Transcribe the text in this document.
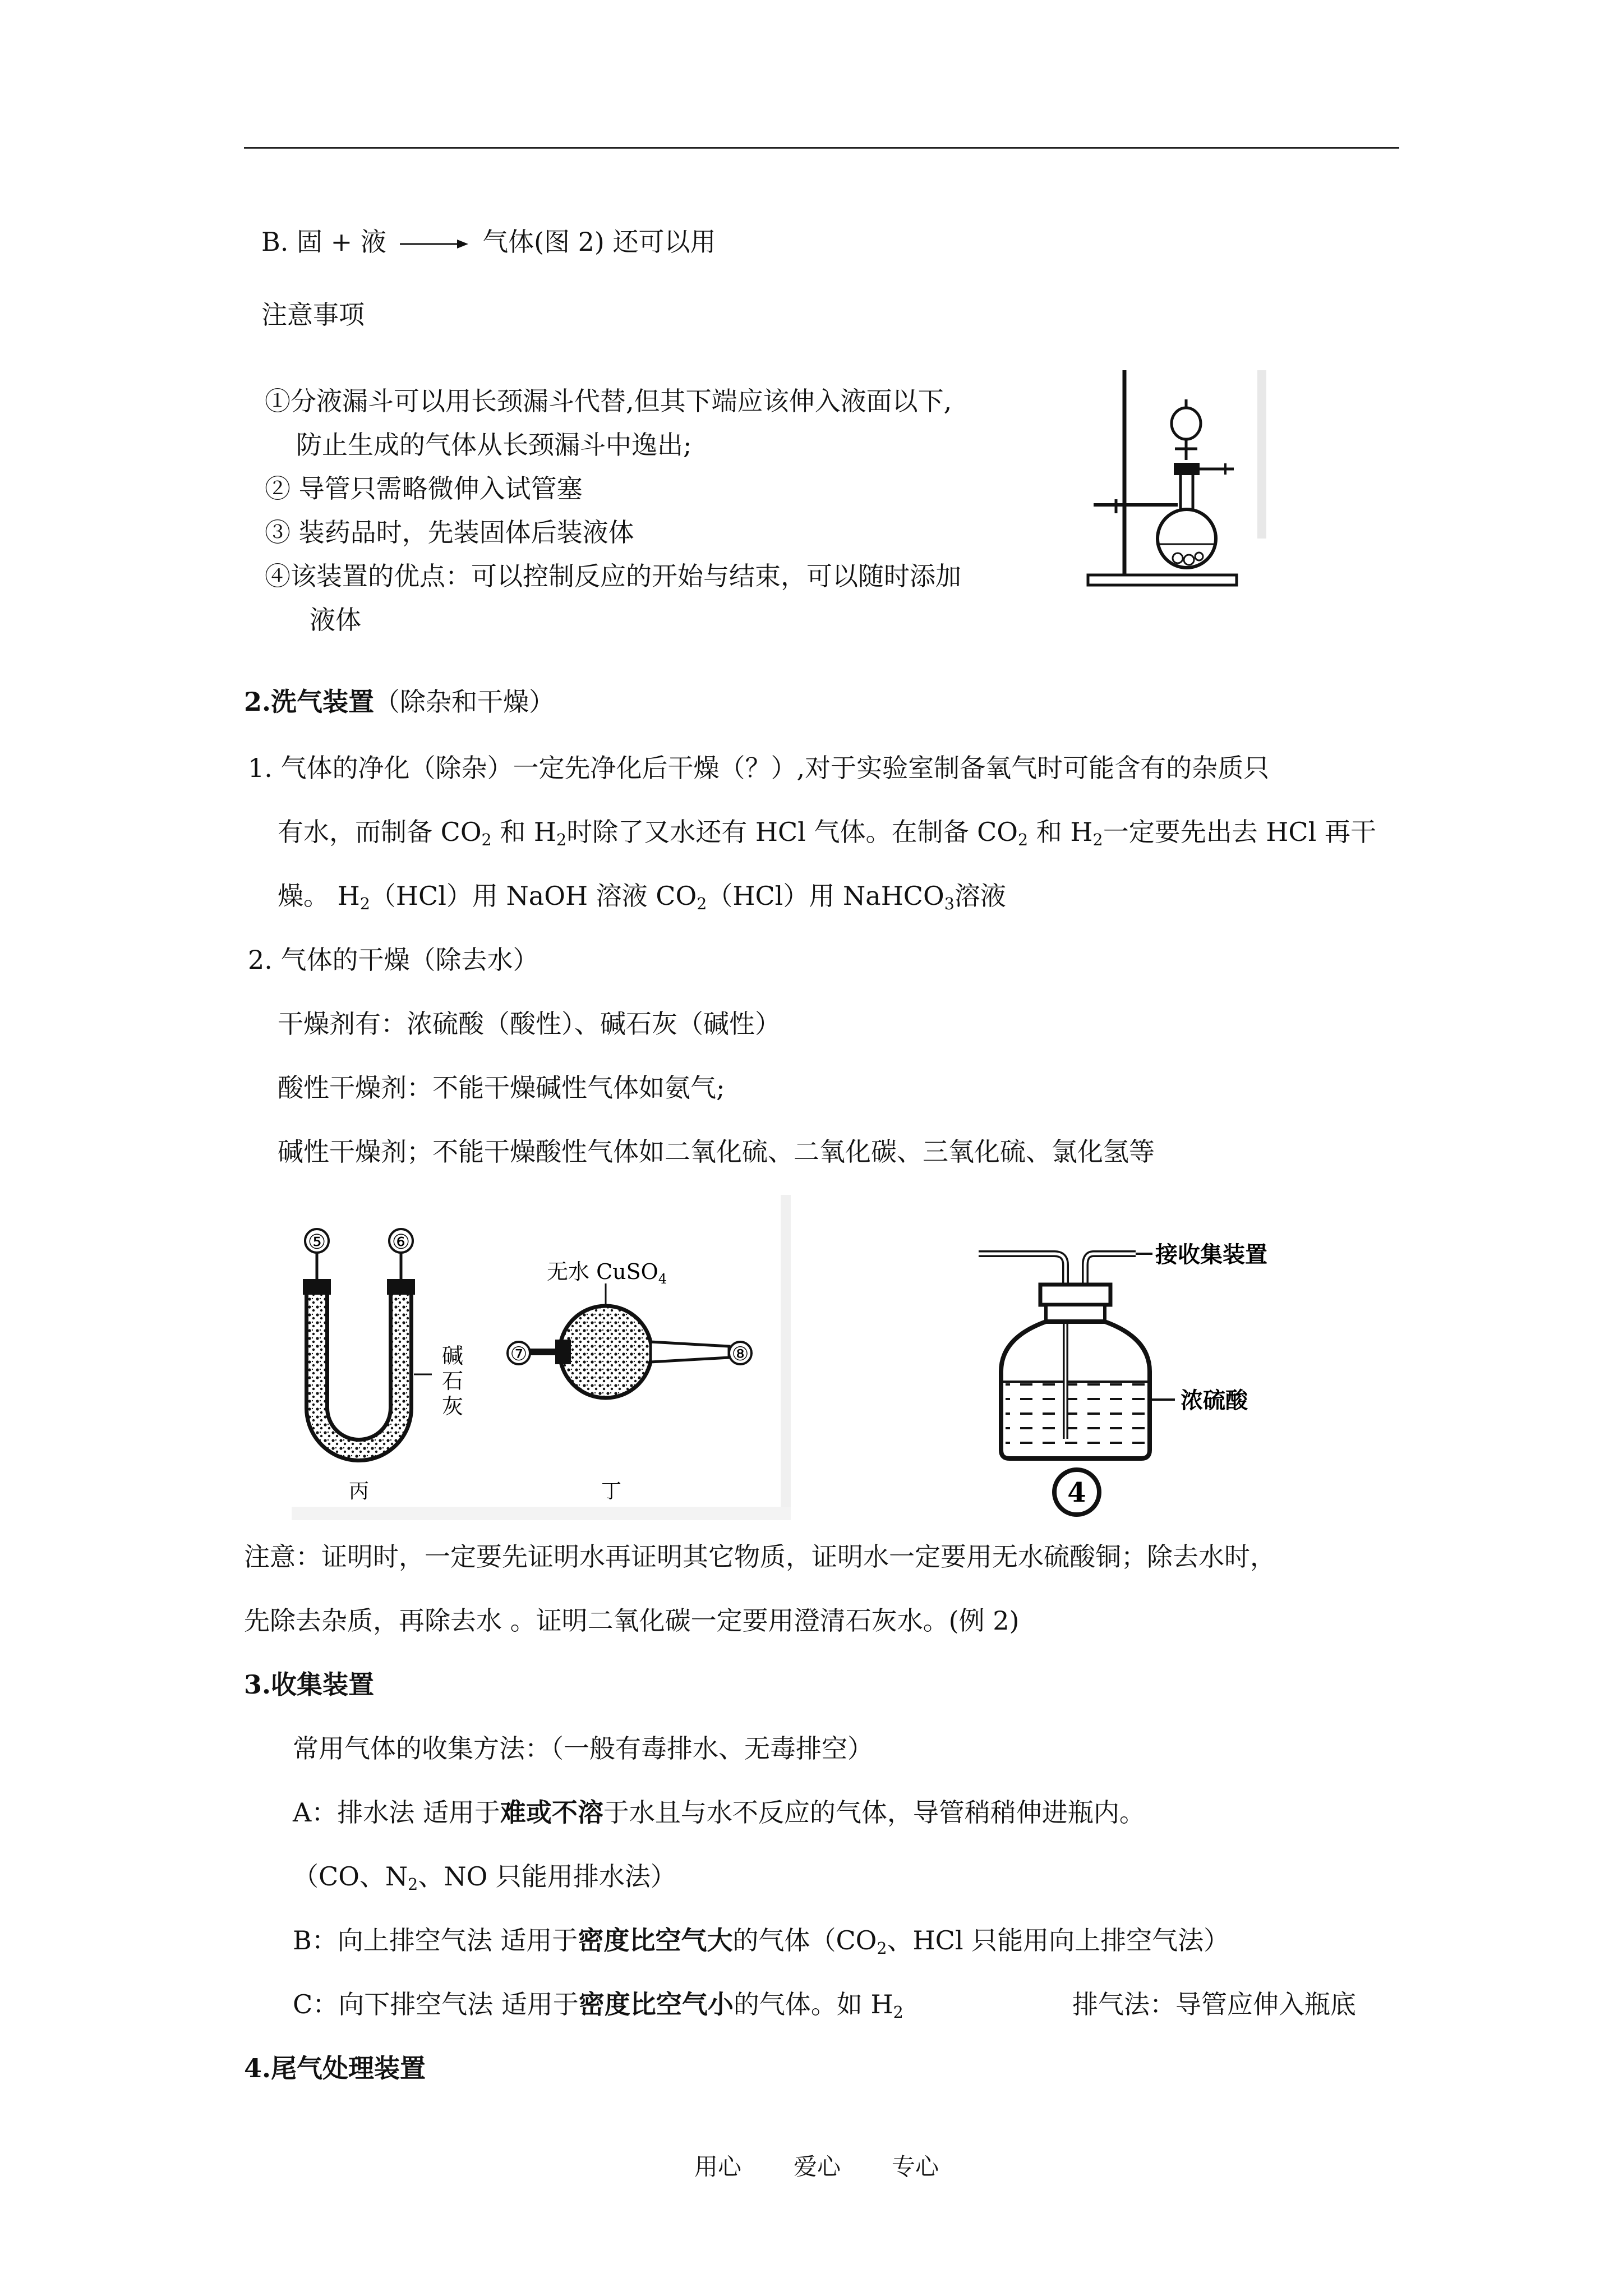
B. 固 + 液	气体(图 2) 还可以用
注意事项
①分液漏斗可以用长颈漏斗代替,但其下端应该伸入液面以下,
防止生成的气体从长颈漏斗中逸出;
② 导管只需略微伸入试管塞
③ 装药品时，先装固体后装液体
④该装置的优点：可以控制反应的开始与结束，可以随时添加
液体
2.洗气装置（除杂和干燥）
1. 气体的净化（除杂）一定先净化后干燥（？）,对于实验室制备氧气时可能含有的杂质只
有水，而制备 $CO_2$ 和 $H_2$时除了又水还有 HCl 气体。在制备 $CO_2$ 和 $H_2$一定要先出去 HCl 再干
燥。 $H_2(HCl)$用 NaOH 溶液 $CO_2(HCl)$用 NaHCO$_3$溶液
2. 气体的干燥（除去水）
干燥剂有：浓硫酸（酸性）、碱石灰（碱性）
酸性干燥剂：不能干燥碱性气体如氨气;
碱性干燥剂；不能干燥酸性气体如二氧化硫、二氧化碳、三氧化硫、氯化氢等
⑤	⑥
碱
石
灰
丙
无水 CuSO$_4$
⑦	⑧
丁
接收集装置
浓硫酸
4
注意：证明时，一定要先证明水再证明其它物质，证明水一定要用无水硫酸铜；除去水时，
先除去杂质，再除去水 。证明二氧化碳一定要用澄清石灰水。(例 2)
3.收集装置
常用气体的收集方法：（一般有毒排水、无毒排空）
A：排水法 适用于难或不溶于水且与水不反应的气体，导管稍稍伸进瓶内。
（CO、$N_2$、NO 只能用排水法）
B：向上排空气法 适用于密度比空气大的气体（$CO_2$、HCl 只能用向上排空气法）
C：向下排空气法 适用于密度比空气小的气体。如 $H_2$	排气法：导管应伸入瓶底
4.尾气处理装置
用心 爱心 专心
